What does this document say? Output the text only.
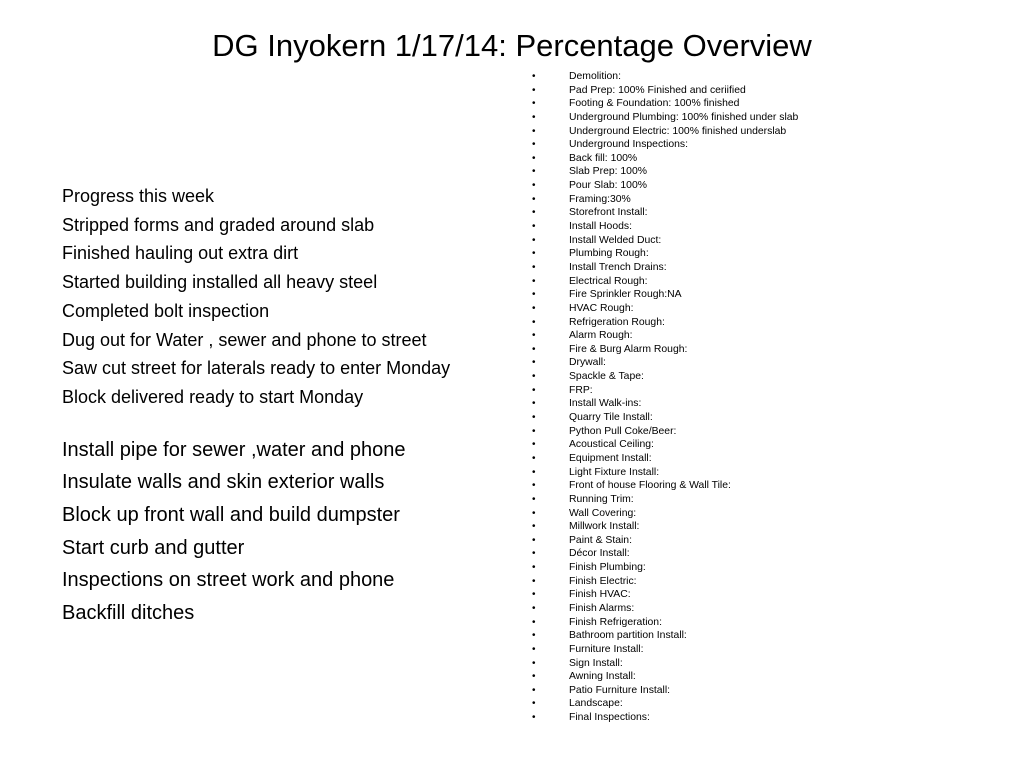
DG Inyokern 1/17/14: Percentage Overview
Progress this week
Stripped forms and graded around slab
Finished hauling out extra dirt
Started building installed all heavy steel
Completed bolt inspection
Dug out for Water , sewer and phone to street
Saw cut street for laterals ready to enter Monday
Block delivered ready to start Monday
Install pipe for sewer ,water and phone
Insulate walls and skin exterior walls
Block up front wall and build dumpster
Start curb and gutter
Inspections on street work and phone
Backfill ditches
•	Demolition:
•	Pad Prep: 100% Finished and ceriified
•	Footing & Foundation: 100% finished
•	Underground Plumbing: 100% finished under slab
•	Underground Electric: 100% finished underslab
•	Underground Inspections:
•	Back fill: 100%
•	Slab Prep: 100%
•	Pour Slab: 100%
•	Framing:30%
•	Storefront Install:
•	Install Hoods:
•	Install Welded Duct:
•	Plumbing Rough:
•	Install Trench Drains:
•	Electrical Rough:
•	Fire Sprinkler Rough:NA
•	HVAC Rough:
•	Refrigeration Rough:
•	Alarm Rough:
•	Fire & Burg Alarm Rough:
•	Drywall:
•	Spackle & Tape:
•	FRP:
•	Install Walk-ins:
•	Quarry Tile Install:
•	Python Pull Coke/Beer:
•	Acoustical Ceiling:
•	Equipment Install:
•	Light Fixture Install:
•	Front of house Flooring & Wall Tile:
•	Running Trim:
•	Wall Covering:
•	Millwork Install:
•	Paint & Stain:
•	Décor Install:
•	Finish Plumbing:
•	Finish Electric:
•	Finish HVAC:
•	Finish Alarms:
•	Finish Refrigeration:
•	Bathroom partition Install:
•	Furniture Install:
•	Sign Install:
•	Awning Install:
•	Patio Furniture Install:
•	Landscape:
•	Final Inspections:
